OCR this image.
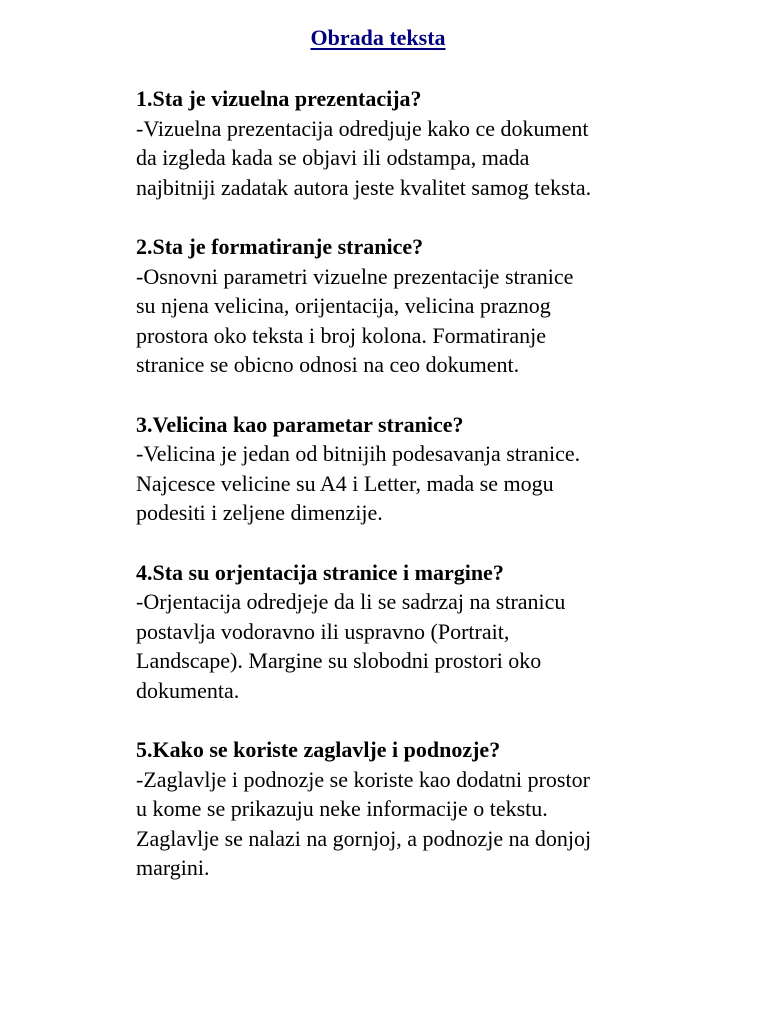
Obrada teksta
1.Sta je vizuelna prezentacija?
-Vizuelna prezentacija odredjuje kako ce dokument
da izgleda kada se objavi ili odstampa, mada
najbitniji zadatak autora jeste kvalitet samog teksta.
2.Sta je formatiranje stranice?
-Osnovni parametri vizuelne prezentacije stranice
su njena velicina, orijentacija, velicina praznog
prostora oko teksta i broj kolona. Formatiranje
stranice se obicno odnosi na ceo dokument.
3.Velicina kao parametar stranice?
-Velicina je jedan od bitnijih podesavanja stranice.
Najcesce velicine su A4 i Letter, mada se mogu
podesiti i zeljene dimenzije.
4.Sta su orjentacija stranice i margine?
-Orjentacija odredjeje da li se sadrzaj na stranicu
postavlja vodoravno ili uspravno (Portrait,
Landscape). Margine su slobodni prostori oko
dokumenta.
5.Kako se koriste zaglavlje i podnozje?
-Zaglavlje i podnozje se koriste kao dodatni prostor
u kome se prikazuju neke informacije o tekstu.
Zaglavlje se nalazi na gornjoj, a podnozje na donjoj
margini.
